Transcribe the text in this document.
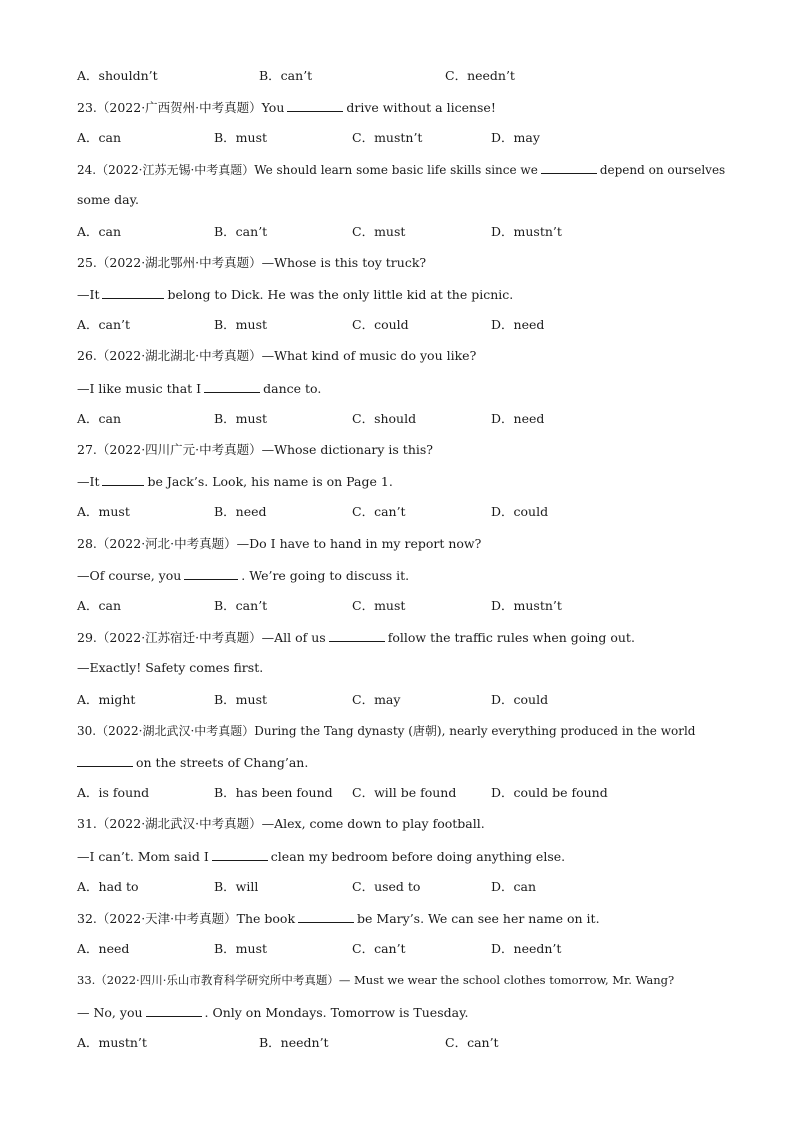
A．shouldn’t	B．can’t	C．needn’t
23.（2022·广西贺州·中考真题）You	drive without a license!
A．can	B．must	C．mustn’t	D．may
24.（2022·江苏无锡·中考真题）We should learn some basic life skills since we	depend on ourselves
some day.
A．can	B．can’t	C．must	D．mustn’t
25.（2022·湖北鄂州·中考真题）—Whose is this toy truck?
—It	belong to Dick. He was the only little kid at the picnic.
A．can’t	B．must	C．could	D．need
26.（2022·湖北湖北·中考真题）—What kind of music do you like?
—I like music that I	dance to.
A．can	B．must	C．should	D．need
27.（2022·四川广元·中考真题）—Whose dictionary is this?
—It	be Jack’s. Look, his name is on Page 1.
A．must	B．need	C．can’t	D．could
28.（2022·河北·中考真题）—Do I have to hand in my report now?
—Of course, you	. We’re going to discuss it.
A．can	B．can’t	C．must	D．mustn’t
29.（2022·江苏宿迁·中考真题）—All of us	follow the traffic rules when going out.
—Exactly! Safety comes first.
A．might	B．must	C．may	D．could
30.（2022·湖北武汉·中考真题）During the Tang dynasty (唐朝), nearly everything produced in the world
on the streets of Chang’an.
A．is found	B．has been found C．will be found	D．could be found
31.（2022·湖北武汉·中考真题）—Alex, come down to play football.
—I can’t. Mom said I	clean my bedroom before doing anything else.
A．had to	B．will	C．used to	D．can
32.（2022·天津·中考真题）The book	be Mary’s. We can see her name on it.
A．need	B．must	C．can’t	D．needn’t
33.（2022·四川·乐山市教育科学研究所中考真题）— Must we wear the school clothes tomorrow, Mr. Wang?
— No, you	. Only on Mondays. Tomorrow is Tuesday.
A．mustn’t	B．needn’t	C．can’t
